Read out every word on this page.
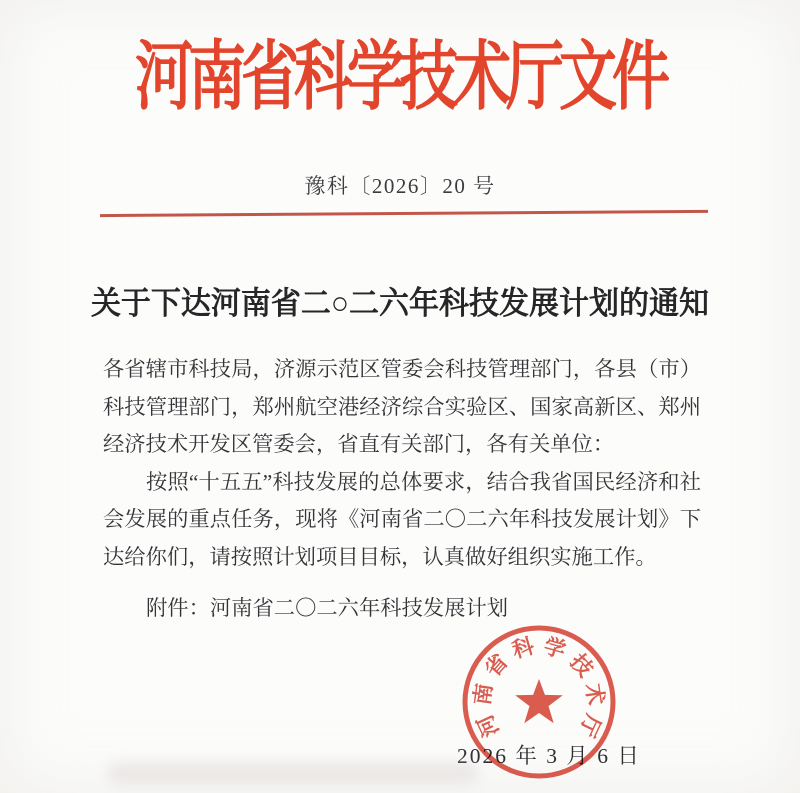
河南省科学技术厅文件
豫科〔2026〕20 号
关于下达河南省二○二六年科技发展计划的通知
各省辖市科技局，济源示范区管委会科技管理部门，各县（市）
科技管理部门，郑州航空港经济综合实验区、国家高新区、郑州
经济技术开发区管委会，省直有关部门，各有关单位：
按照“十五五”科技发展的总体要求，结合我省国民经济和社
会发展的重点任务，现将《河南省二〇二六年科技发展计划》下
达给你们，请按照计划项目目标，认真做好组织实施工作。
附件：河南省二〇二六年科技发展计划
2026 年 3 月 6 日
河
南
省
科 学
技
术
厅
